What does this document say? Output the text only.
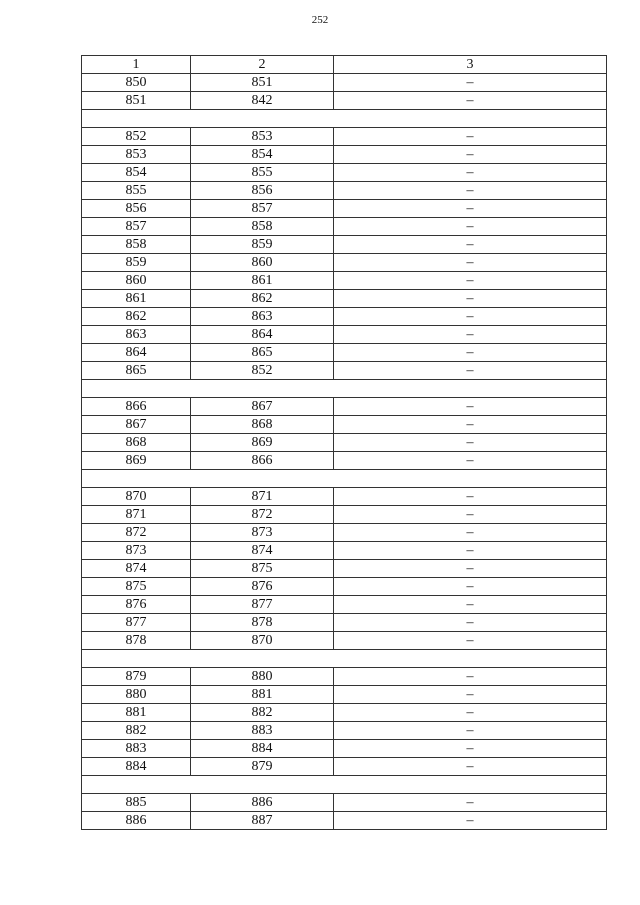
252
1	2	3
850	851	–
851	842	–

852	853	–
853	854	–
854	855	–
855	856	–
856	857	–
857	858	–
858	859	–
859	860	–
860	861	–
861	862	–
862	863	–
863	864	–
864	865	–
865	852	–

866	867	–
867	868	–
868	869	–
869	866	–

870	871	–
871	872	–
872	873	–
873	874	–
874	875	–
875	876	–
876	877	–
877	878	–
878	870	–

879	880	–
880	881	–
881	882	–
882	883	–
883	884	–
884	879	–

885	886	–
886	887	–
